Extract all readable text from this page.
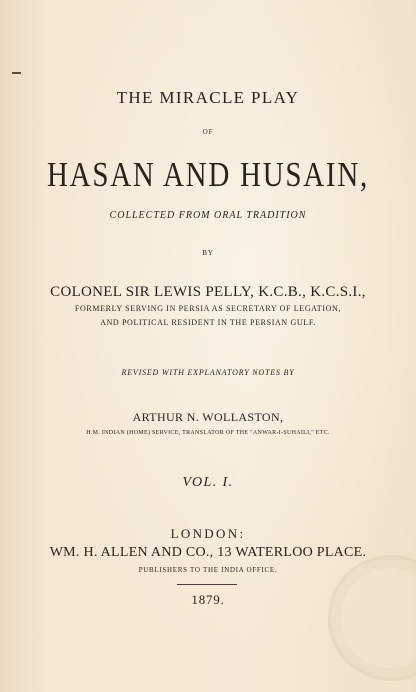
THE MIRACLE PLAY
OF
HASAN AND HUSAIN,
COLLECTED FROM ORAL TRADITION
BY
COLONEL SIR LEWIS PELLY, K.C.B., K.C.S.I.,
FORMERLY SERVING IN PERSIA AS SECRETARY OF LEGATION,
AND POLITICAL RESIDENT IN THE PERSIAN GULF.
REVISED WITH EXPLANATORY NOTES BY
ARTHUR N. WOLLASTON,
H.M. INDIAN (HOME) SERVICE, TRANSLATOR OF THE "ANWAR-I-SUHAILI," ETC.
VOL. I.
LONDON:
WM. H. ALLEN AND CO., 13 WATERLOO PLACE.
PUBLISHERS TO THE INDIA OFFICE.
1879.
